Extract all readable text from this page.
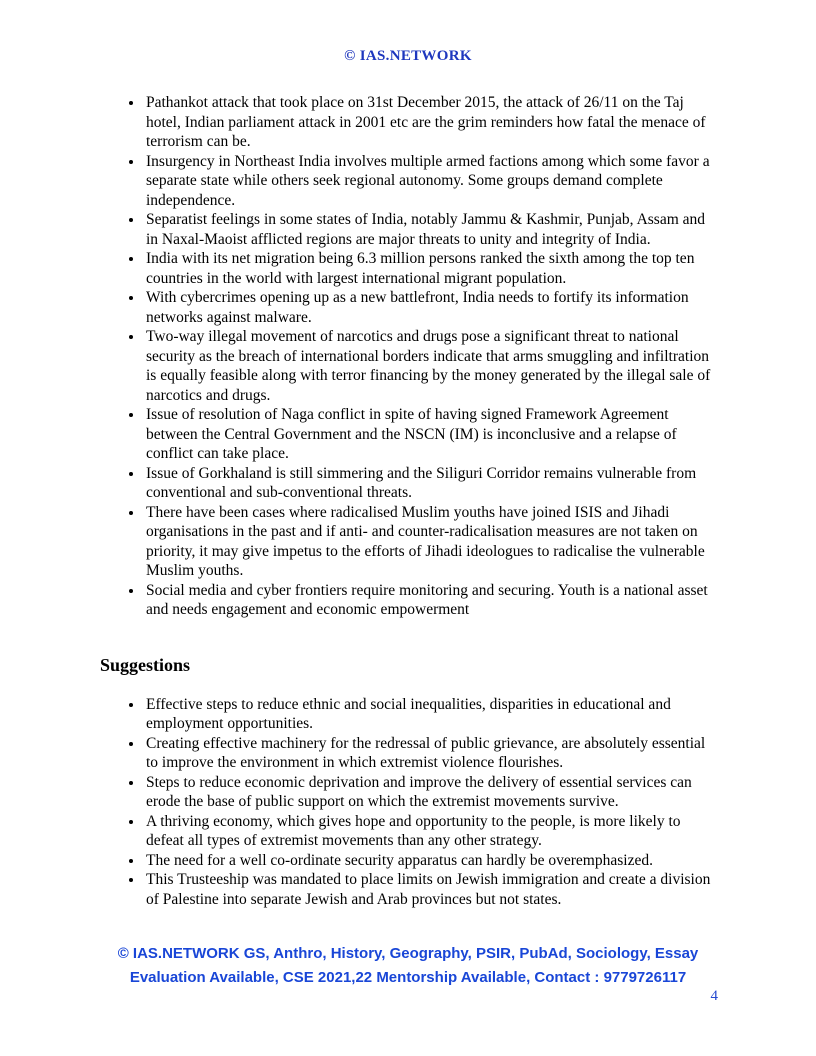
© IAS.NETWORK
• Pathankot attack that took place on 31st December 2015, the attack of 26/11 on the Taj hotel, Indian parliament attack in 2001 etc are the grim reminders how fatal the menace of terrorism can be.
• Insurgency in Northeast India involves multiple armed factions among which some favor a separate state while others seek regional autonomy. Some groups demand complete independence.
• Separatist feelings in some states of India, notably Jammu & Kashmir, Punjab, Assam and in Naxal-Maoist afflicted regions are major threats to unity and integrity of India.
• India with its net migration being 6.3 million persons ranked the sixth among the top ten countries in the world with largest international migrant population.
• With cybercrimes opening up as a new battlefront, India needs to fortify its information networks against malware.
• Two-way illegal movement of narcotics and drugs pose a significant threat to national security as the breach of international borders indicate that arms smuggling and infiltration is equally feasible along with terror financing by the money generated by the illegal sale of narcotics and drugs.
• Issue of resolution of Naga conflict in spite of having signed Framework Agreement between the Central Government and the NSCN (IM) is inconclusive and a relapse of conflict can take place.
• Issue of Gorkhaland is still simmering and the Siliguri Corridor remains vulnerable from conventional and sub-conventional threats.
• There have been cases where radicalised Muslim youths have joined ISIS and Jihadi organisations in the past and if anti- and counter-radicalisation measures are not taken on priority, it may give impetus to the efforts of Jihadi ideologues to radicalise the vulnerable Muslim youths.
• Social media and cyber frontiers require monitoring and securing. Youth is a national asset and needs engagement and economic empowerment
Suggestions
• Effective steps to reduce ethnic and social inequalities, disparities in educational and employment opportunities.
• Creating effective machinery for the redressal of public grievance, are absolutely essential to improve the environment in which extremist violence flourishes.
• Steps to reduce economic deprivation and improve the delivery of essential services can erode the base of public support on which the extremist movements survive.
• A thriving economy, which gives hope and opportunity to the people, is more likely to defeat all types of extremist movements than any other strategy.
• The need for a well co-ordinate security apparatus can hardly be overemphasized.
• This Trusteeship was mandated to place limits on Jewish immigration and create a division of Palestine into separate Jewish and Arab provinces but not states.
© IAS.NETWORK GS, Anthro, History, Geography, PSIR, PubAd, Sociology, Essay Evaluation Available, CSE 2021,22 Mentorship Available, Contact : 9779726117
4
